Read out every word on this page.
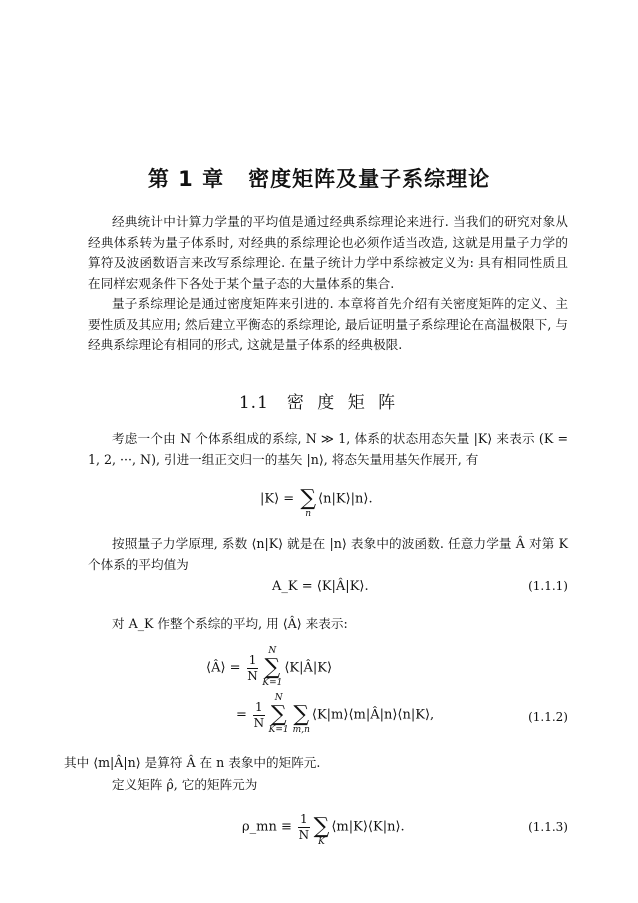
第 1 章 密度矩阵及量子系综理论

经典统计中计算力学量的平均值是通过经典系综理论来进行. 当我们的研究对象从经典体系转为量子体系时, 对经典的系综理论也必须作适当改造, 这就是用量子力学的算符及波函数语言来改写系综理论. 在量子统计力学中系综被定义为: 具有相同性质且在同样宏观条件下各处于某个量子态的大量体系的集合.

量子系综理论是通过密度矩阵来引进的. 本章将首先介绍有关密度矩阵的定义、主要性质及其应用; 然后建立平衡态的系综理论, 最后证明量子系综理论在高温极限下, 与经典系综理论有相同的形式, 这就是量子体系的经典极限.

1.1 密 度 矩 阵

考虑一个由 N 个体系组成的系综, N ≫ 1, 体系的状态用态矢量 |K⟩ 来表示 (K = 1, 2, ···, N), 引进一组正交归一的基矢 |n⟩, 将态矢量用基矢作展开, 有

|K⟩ = ∑
n
⟨n|K⟩|n⟩.

按照量子力学原理, 系数 ⟨n|K⟩ 就是在 |n⟩ 表象中的波函数. 任意力学量 Â 对第 K 个体系的平均值为

A_K = ⟨K|Â|K⟩.	(1.1.1)

对 A_K 作整个系综的平均, 用 ⟨Â⟩ 来表示:

⟨Â⟩ = $\frac{1}{N}$
N
∑
K=1
⟨K|Â|K⟩
= $\frac{1}{N}$
N
∑
K=1
∑
m,n
⟨K|m⟩⟨m|Â|n⟩⟨n|K⟩,	(1.1.2)

其中 ⟨m|Â|n⟩ 是算符 Â 在 n 表象中的矩阵元.

定义矩阵 ρ̂, 它的矩阵元为

ρ_mn ≡ $\frac{1}{N}$ ∑
K
⟨m|K⟩⟨K|n⟩.	(1.1.3)
